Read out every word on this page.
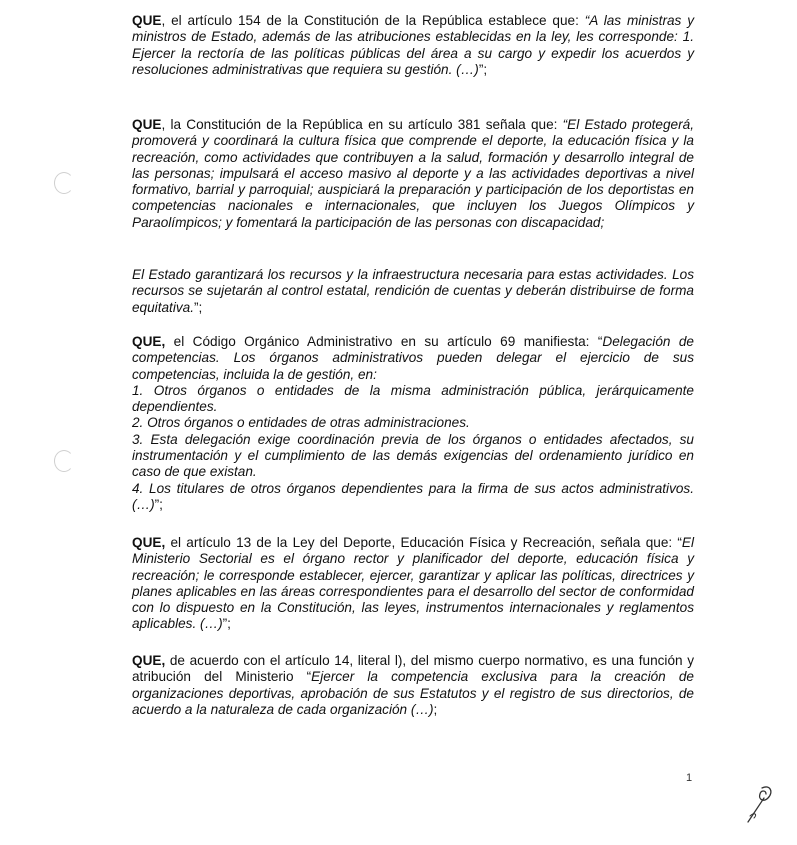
QUE, el artículo 154 de la Constitución de la República establece que: “A las ministras y ministros de Estado, además de las atribuciones establecidas en la ley, les corresponde: 1. Ejercer la rectoría de las políticas públicas del área a su cargo y expedir los acuerdos y resoluciones administrativas que requiera su gestión. (…)”;

QUE, la Constitución de la República en su artículo 381 señala que: “El Estado protegerá, promoverá y coordinará la cultura física que comprende el deporte, la educación física y la recreación, como actividades que contribuyen a la salud, formación y desarrollo integral de las personas; impulsará el acceso masivo al deporte y a las actividades deportivas a nivel formativo, barrial y parroquial; auspiciará la preparación y participación de los deportistas en competencias nacionales e internacionales, que incluyen los Juegos Olímpicos y Paraolímpicos; y fomentará la participación de las personas con discapacidad;

El Estado garantizará los recursos y la infraestructura necesaria para estas actividades. Los recursos se sujetarán al control estatal, rendición de cuentas y deberán distribuirse de forma equitativa.”;

QUE, el Código Orgánico Administrativo en su artículo 69 manifiesta: “Delegación de competencias. Los órganos administrativos pueden delegar el ejercicio de sus competencias, incluida la de gestión, en:
1. Otros órganos o entidades de la misma administración pública, jerárquicamente dependientes.
2. Otros órganos o entidades de otras administraciones.
3. Esta delegación exige coordinación previa de los órganos o entidades afectados, su instrumentación y el cumplimiento de las demás exigencias del ordenamiento jurídico en caso de que existan.
4. Los titulares de otros órganos dependientes para la firma de sus actos administrativos. (…)”;

QUE, el artículo 13 de la Ley del Deporte, Educación Física y Recreación, señala que: “El Ministerio Sectorial es el órgano rector y planificador del deporte, educación física y recreación; le corresponde establecer, ejercer, garantizar y aplicar las políticas, directrices y planes aplicables en las áreas correspondientes para el desarrollo del sector de conformidad con lo dispuesto en la Constitución, las leyes, instrumentos internacionales y reglamentos aplicables. (…)”;

QUE, de acuerdo con el artículo 14, literal l), del mismo cuerpo normativo, es una función y atribución del Ministerio “Ejercer la competencia exclusiva para la creación de organizaciones deportivas, aprobación de sus Estatutos y el registro de sus directorios, de acuerdo a la naturaleza de cada organización (…);

1
